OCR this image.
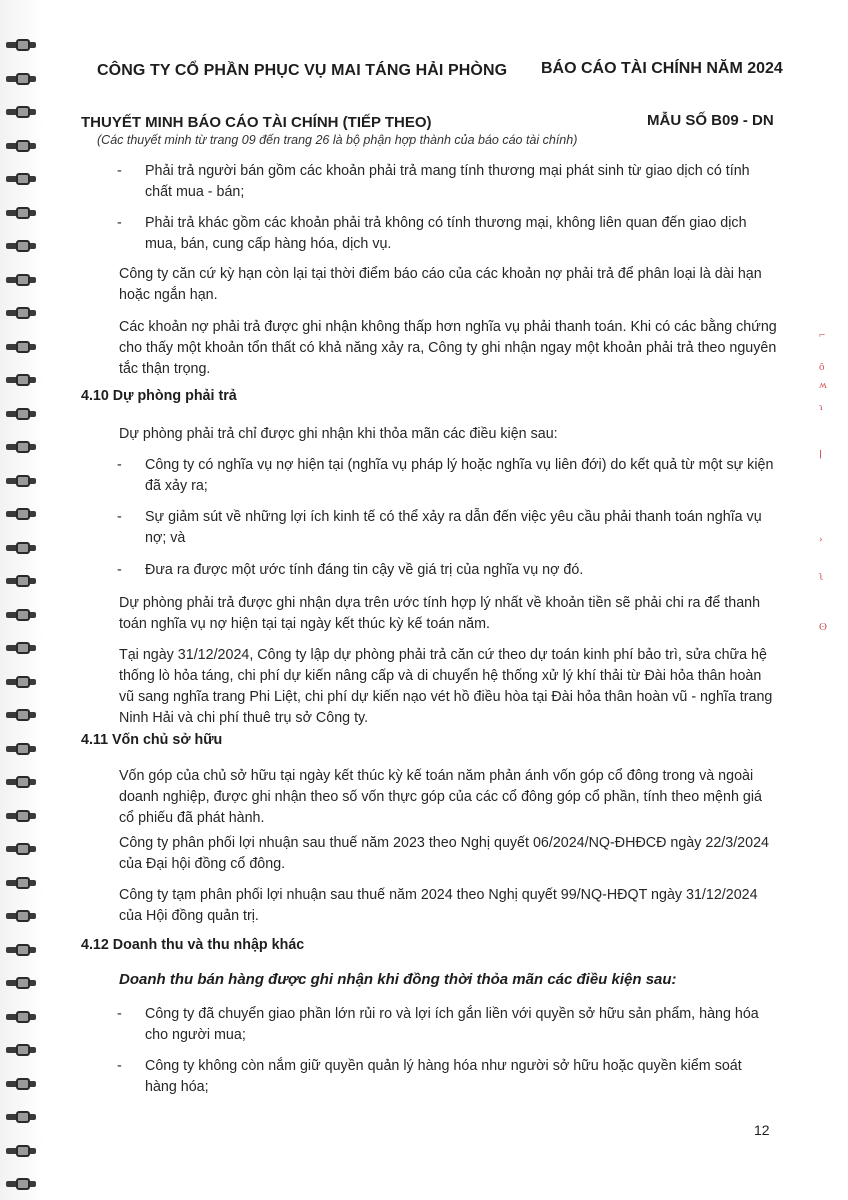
CÔNG TY CỔ PHẦN PHỤC VỤ MAI TÁNG HẢI PHÒNG BÁO CÁO TÀI CHÍNH NĂM 2024

THUYẾT MINH BÁO CÁO TÀI CHÍNH (TIẾP THEO)	MẪU SỐ B09 - DN

(Các thuyết minh từ trang 09 đến trang 26 là bộ phận hợp thành của báo cáo tài chính)

- Phải trả người bán gồm các khoản phải trả mang tính thương mại phát sinh từ giao dịch có tính chất mua - bán;
- Phải trả khác gồm các khoản phải trả không có tính thương mại, không liên quan đến giao dịch mua, bán, cung cấp hàng hóa, dịch vụ.

Công ty căn cứ kỳ hạn còn lại tại thời điểm báo cáo của các khoản nợ phải trả để phân loại là dài hạn hoặc ngắn hạn.

Các khoản nợ phải trả được ghi nhận không thấp hơn nghĩa vụ phải thanh toán. Khi có các bằng chứng cho thấy một khoản tổn thất có khả năng xảy ra, Công ty ghi nhận ngay một khoản phải trả theo nguyên tắc thận trọng.

4.10 Dự phòng phải trả

Dự phòng phải trả chỉ được ghi nhận khi thỏa mãn các điều kiện sau:

- Công ty có nghĩa vụ nợ hiện tại (nghĩa vụ pháp lý hoặc nghĩa vụ liên đới) do kết quả từ một sự kiện đã xảy ra;
- Sự giảm sút về những lợi ích kinh tế có thể xảy ra dẫn đến việc yêu cầu phải thanh toán nghĩa vụ nợ; và
- Đưa ra được một ước tính đáng tin cậy về giá trị của nghĩa vụ nợ đó.

Dự phòng phải trả được ghi nhận dựa trên ước tính hợp lý nhất về khoản tiền sẽ phải chi ra để thanh toán nghĩa vụ nợ hiện tại tại ngày kết thúc kỳ kế toán năm.

Tại ngày 31/12/2024, Công ty lập dự phòng phải trả căn cứ theo dự toán kinh phí bảo trì, sửa chữa hệ thống lò hỏa táng, chi phí dự kiến nâng cấp và di chuyển hệ thống xử lý khí thải từ Đài hỏa thân hoàn vũ sang nghĩa trang Phi Liệt, chi phí dự kiến nạo vét hồ điều hòa tại Đài hỏa thân hoàn vũ - nghĩa trang Ninh Hải và chi phí thuê trụ sở Công ty.

4.11 Vốn chủ sở hữu

Vốn góp của chủ sở hữu tại ngày kết thúc kỳ kế toán năm phản ánh vốn góp cổ đông trong và ngoài doanh nghiệp, được ghi nhận theo số vốn thực góp của các cổ đông góp cổ phần, tính theo mệnh giá cổ phiếu đã phát hành.

Công ty phân phối lợi nhuận sau thuế năm 2023 theo Nghị quyết 06/2024/NQ-ĐHĐCĐ ngày 22/3/2024 của Đại hội đồng cổ đông.

Công ty tạm phân phối lợi nhuận sau thuế năm 2024 theo Nghị quyết 99/NQ-HĐQT ngày 31/12/2024 của Hội đồng quản trị.

4.12 Doanh thu và thu nhập khác

Doanh thu bán hàng được ghi nhận khi đồng thời thỏa mãn các điều kiện sau:

- Công ty đã chuyển giao phần lớn rủi ro và lợi ích gắn liền với quyền sở hữu sản phẩm, hàng hóa cho người mua;
- Công ty không còn nắm giữ quyền quản lý hàng hóa như người sở hữu hoặc quyền kiểm soát hàng hóa;

12

⌐
ô
ʍ
ɿ
ꞁ
›
ʅ
ʘ
